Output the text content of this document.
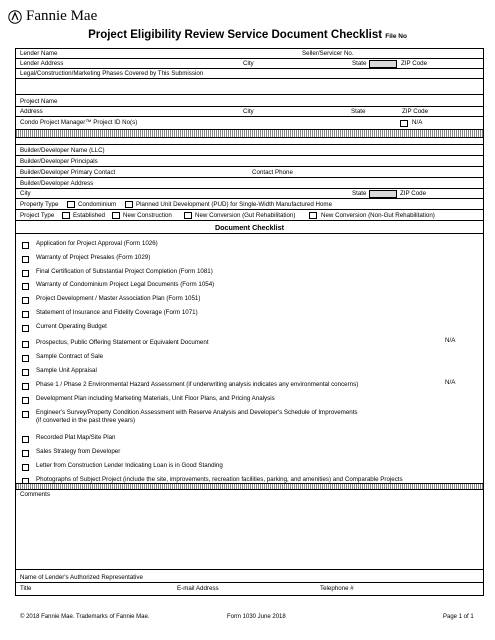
Fannie Mae
Project Eligibility Review Service Document Checklist File No
Lender Name	Seller/Servicer No.
Lender Address	City	State	ZIP Code
Legal/Construction/Marketing Phases Covered by This Submission
Project Name
Address	City	State	ZIP Code
Condo Project Manager™ Project ID No(s)	N/A
Builder/Developer Name (LLC)
Builder/Developer Principals
Builder/Developer Primary Contact	Contact Phone
Builder/Developer Address
City	State	ZIP Code
Property Type	Condominium	Planned Unit Development (PUD) for Single-Width Manufactured Home
Project Type	Established	New Construction	New Conversion (Gut Rehabilitation)	New Conversion (Non-Gut Rehabilitation)
Document Checklist
Application for Project Approval (Form 1026)
Warranty of Project Presales (Form 1029)
Final Certification of Substantial Project Completion (Form 1081)
Warranty of Condominium Project Legal Documents (Form 1054)
Project Development / Master Association Plan (Form 1051)
Statement of Insurance and Fidelity Coverage (Form 1071)
Current Operating Budget
Prospectus, Public Offering Statement or Equivalent Document	N/A
Sample Contract of Sale
Sample Unit Appraisal
Phase 1 / Phase 2 Environmental Hazard Assessment (if underwriting analysis indicates any environmental concerns)	N/A
Development Plan including Marketing Materials, Unit Floor Plans, and Pricing Analysis
Engineer's Survey/Property Condition Assessment with Reserve Analysis and Developer's Schedule of Improvements
(if converted in the past three years)
Recorded Plat Map/Site Plan
Sales Strategy from Developer
Letter from Construction Lender Indicating Loan is in Good Standing
Photographs of Subject Project (include the site, improvements, recreation facilities, parking, and amenities) and Comparable Projects
Comments
Name of Lender's Authorized Representative
Title	E-mail Address	Telephone #
© 2018 Fannie Mae. Trademarks of Fannie Mae.	Form 1030 June 2018	Page 1 of 1
